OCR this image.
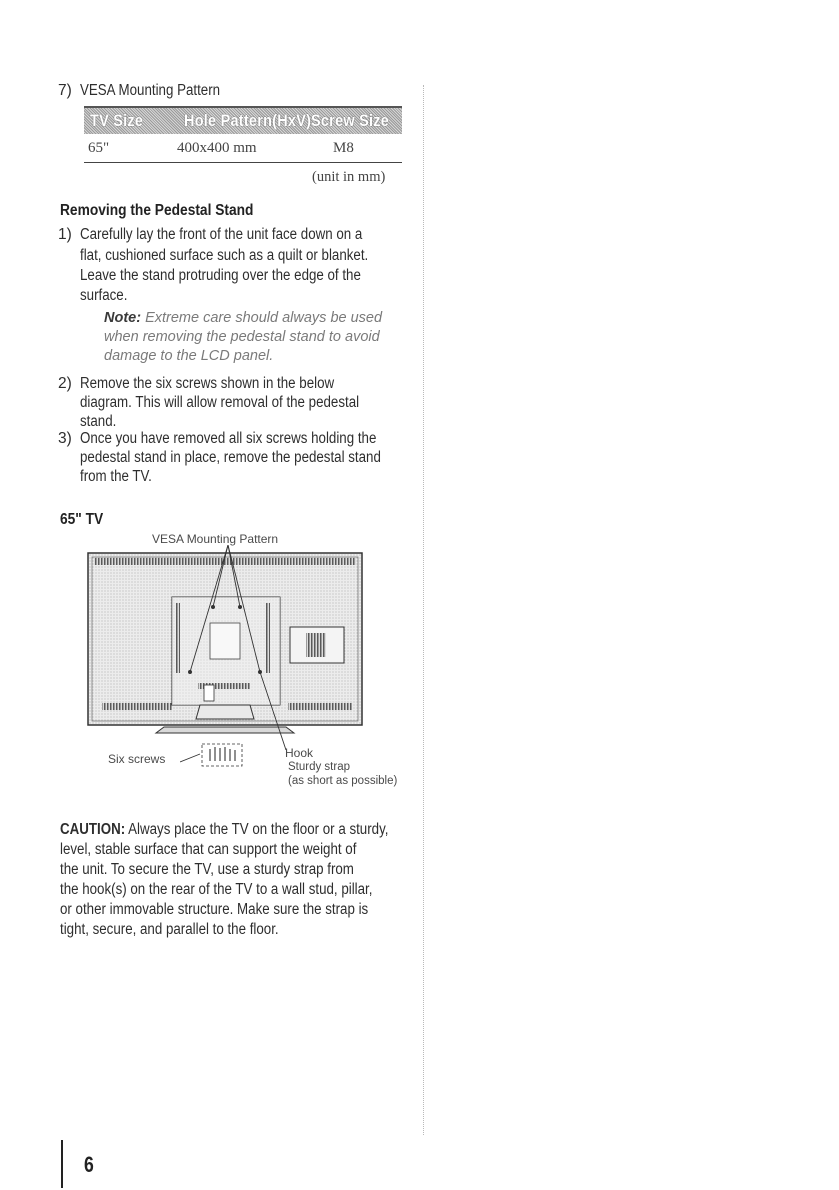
7) VESA Mounting Pattern
TV Size Hole Pattern(HxV) Screw Size
65"	400x400 mm	M8
(unit in mm)
Removing the Pedestal Stand
1) Carefully lay the front of the unit face down on a
flat, cushioned surface such as a quilt or blanket.
Leave the stand protruding over the edge of the
surface.
Note: Extreme care should always be used
when removing the pedestal stand to avoid
damage to the LCD panel.
2) Remove the six screws shown in the below
diagram. This will allow removal of the pedestal
stand.
3) Once you have removed all six screws holding the
pedestal stand in place, remove the pedestal stand
from the TV.
65" TV
VESA Mounting Pattern
Six screws	Hook
Sturdy strap
(as short as possible)
CAUTION: Always place the TV on the floor or a sturdy,
level, stable surface that can support the weight of
the unit. To secure the TV, use a sturdy strap from
the hook(s) on the rear of the TV to a wall stud, pillar,
or other immovable structure. Make sure the strap is
tight, secure, and parallel to the floor.
6
